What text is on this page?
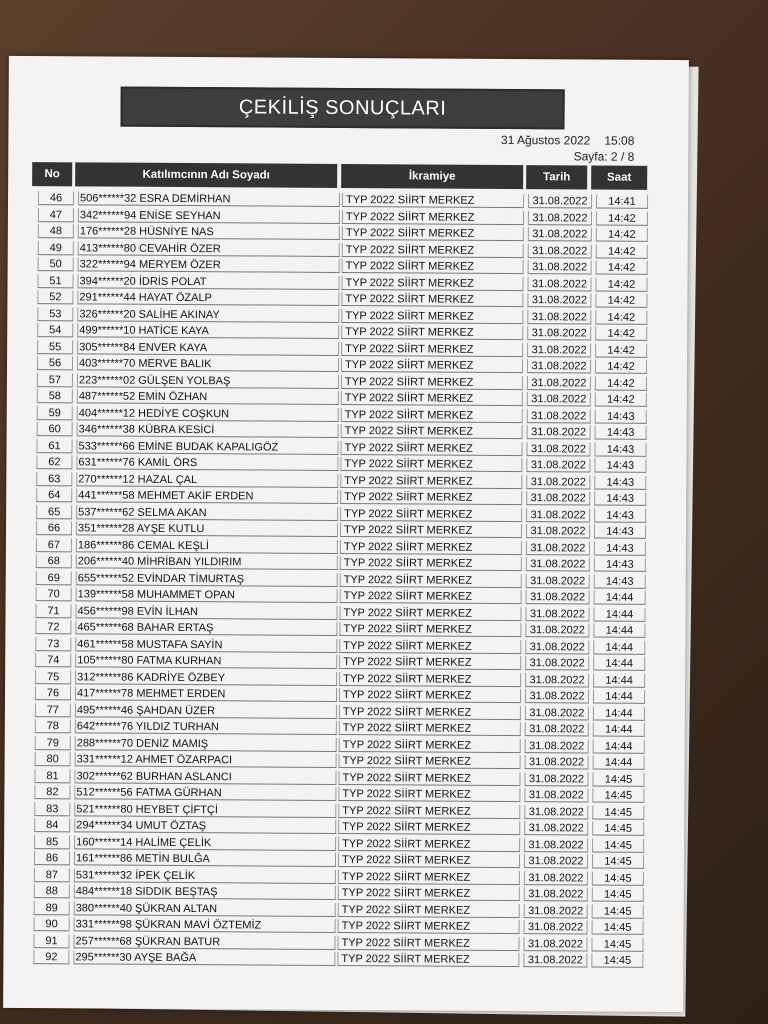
ÇEKİLİŞ SONUÇLARI
31 Ağustos 2022 15:08
Sayfa: 2 / 8
No	Katılımcının Adı Soyadı	İkramiye	Tarih	Saat
46	506******32 ESRA DEMİRHAN	TYP 2022 SİİRT MERKEZ	31.08.2022	14:41
47	342******94 ENİSE SEYHAN	TYP 2022 SİİRT MERKEZ	31.08.2022	14:42
48	176******28 HÜSNİYE NAS	TYP 2022 SİİRT MERKEZ	31.08.2022	14:42
49	413******80 CEVAHİR ÖZER	TYP 2022 SİİRT MERKEZ	31.08.2022	14:42
50	322******94 MERYEM ÖZER	TYP 2022 SİİRT MERKEZ	31.08.2022	14:42
51	394******20 İDRİS POLAT	TYP 2022 SİİRT MERKEZ	31.08.2022	14:42
52	291******44 HAYAT ÖZALP	TYP 2022 SİİRT MERKEZ	31.08.2022	14:42
53	326******20 SALİHE AKINAY	TYP 2022 SİİRT MERKEZ	31.08.2022	14:42
54	499******10 HATİCE KAYA	TYP 2022 SİİRT MERKEZ	31.08.2022	14:42
55	305******84 ENVER KAYA	TYP 2022 SİİRT MERKEZ	31.08.2022	14:42
56	403******70 MERVE BALIK	TYP 2022 SİİRT MERKEZ	31.08.2022	14:42
57	223******02 GÜLŞEN YOLBAŞ	TYP 2022 SİİRT MERKEZ	31.08.2022	14:42
58	487******52 EMİN ÖZHAN	TYP 2022 SİİRT MERKEZ	31.08.2022	14:42
59	404******12 HEDİYE COŞKUN	TYP 2022 SİİRT MERKEZ	31.08.2022	14:43
60	346******38 KÜBRA KESİCİ	TYP 2022 SİİRT MERKEZ	31.08.2022	14:43
61	533******66 EMİNE BUDAK KAPALIGÖZ	TYP 2022 SİİRT MERKEZ	31.08.2022	14:43
62	631******76 KAMİL ÖRS	TYP 2022 SİİRT MERKEZ	31.08.2022	14:43
63	270******12 HAZAL ÇAL	TYP 2022 SİİRT MERKEZ	31.08.2022	14:43
64	441******58 MEHMET AKİF ERDEN	TYP 2022 SİİRT MERKEZ	31.08.2022	14:43
65	537******62 SELMA AKAN	TYP 2022 SİİRT MERKEZ	31.08.2022	14:43
66	351******28 AYŞE KUTLU	TYP 2022 SİİRT MERKEZ	31.08.2022	14:43
67	186******86 CEMAL KEŞLİ	TYP 2022 SİİRT MERKEZ	31.08.2022	14:43
68	206******40 MİHRİBAN YILDIRIM	TYP 2022 SİİRT MERKEZ	31.08.2022	14:43
69	655******52 EVİNDAR TİMURTAŞ	TYP 2022 SİİRT MERKEZ	31.08.2022	14:43
70	139******58 MUHAMMET OPAN	TYP 2022 SİİRT MERKEZ	31.08.2022	14:44
71	456******98 EVİN İLHAN	TYP 2022 SİİRT MERKEZ	31.08.2022	14:44
72	465******68 BAHAR ERTAŞ	TYP 2022 SİİRT MERKEZ	31.08.2022	14:44
73	461******58 MUSTAFA SAYİN	TYP 2022 SİİRT MERKEZ	31.08.2022	14:44
74	105******80 FATMA KURHAN	TYP 2022 SİİRT MERKEZ	31.08.2022	14:44
75	312******86 KADRİYE ÖZBEY	TYP 2022 SİİRT MERKEZ	31.08.2022	14:44
76	417******78 MEHMET ERDEN	TYP 2022 SİİRT MERKEZ	31.08.2022	14:44
77	495******46 ŞAHDAN ÜZER	TYP 2022 SİİRT MERKEZ	31.08.2022	14:44
78	642******76 YILDIZ TURHAN	TYP 2022 SİİRT MERKEZ	31.08.2022	14:44
79	288******70 DENİZ MAMIŞ	TYP 2022 SİİRT MERKEZ	31.08.2022	14:44
80	331******12 AHMET ÖZARPACI	TYP 2022 SİİRT MERKEZ	31.08.2022	14:44
81	302******62 BURHAN ASLANCI	TYP 2022 SİİRT MERKEZ	31.08.2022	14:45
82	512******56 FATMA GÜRHAN	TYP 2022 SİİRT MERKEZ	31.08.2022	14:45
83	521******80 HEYBET ÇİFTÇİ	TYP 2022 SİİRT MERKEZ	31.08.2022	14:45
84	294******34 UMUT ÖZTAŞ	TYP 2022 SİİRT MERKEZ	31.08.2022	14:45
85	160******14 HALİME ÇELİK	TYP 2022 SİİRT MERKEZ	31.08.2022	14:45
86	161******86 METİN BULĞA	TYP 2022 SİİRT MERKEZ	31.08.2022	14:45
87	531******32 İPEK ÇELİK	TYP 2022 SİİRT MERKEZ	31.08.2022	14:45
88	484******18 SIDDIK BEŞTAŞ	TYP 2022 SİİRT MERKEZ	31.08.2022	14:45
89	380******40 ŞÜKRAN ALTAN	TYP 2022 SİİRT MERKEZ	31.08.2022	14:45
90	331******98 ŞÜKRAN MAVİ ÖZTEMİZ	TYP 2022 SİİRT MERKEZ	31.08.2022	14:45
91	257******68 ŞÜKRAN BATUR	TYP 2022 SİİRT MERKEZ	31.08.2022	14:45
92	295******30 AYŞE BAĞA	TYP 2022 SİİRT MERKEZ	31.08.2022	14:45
